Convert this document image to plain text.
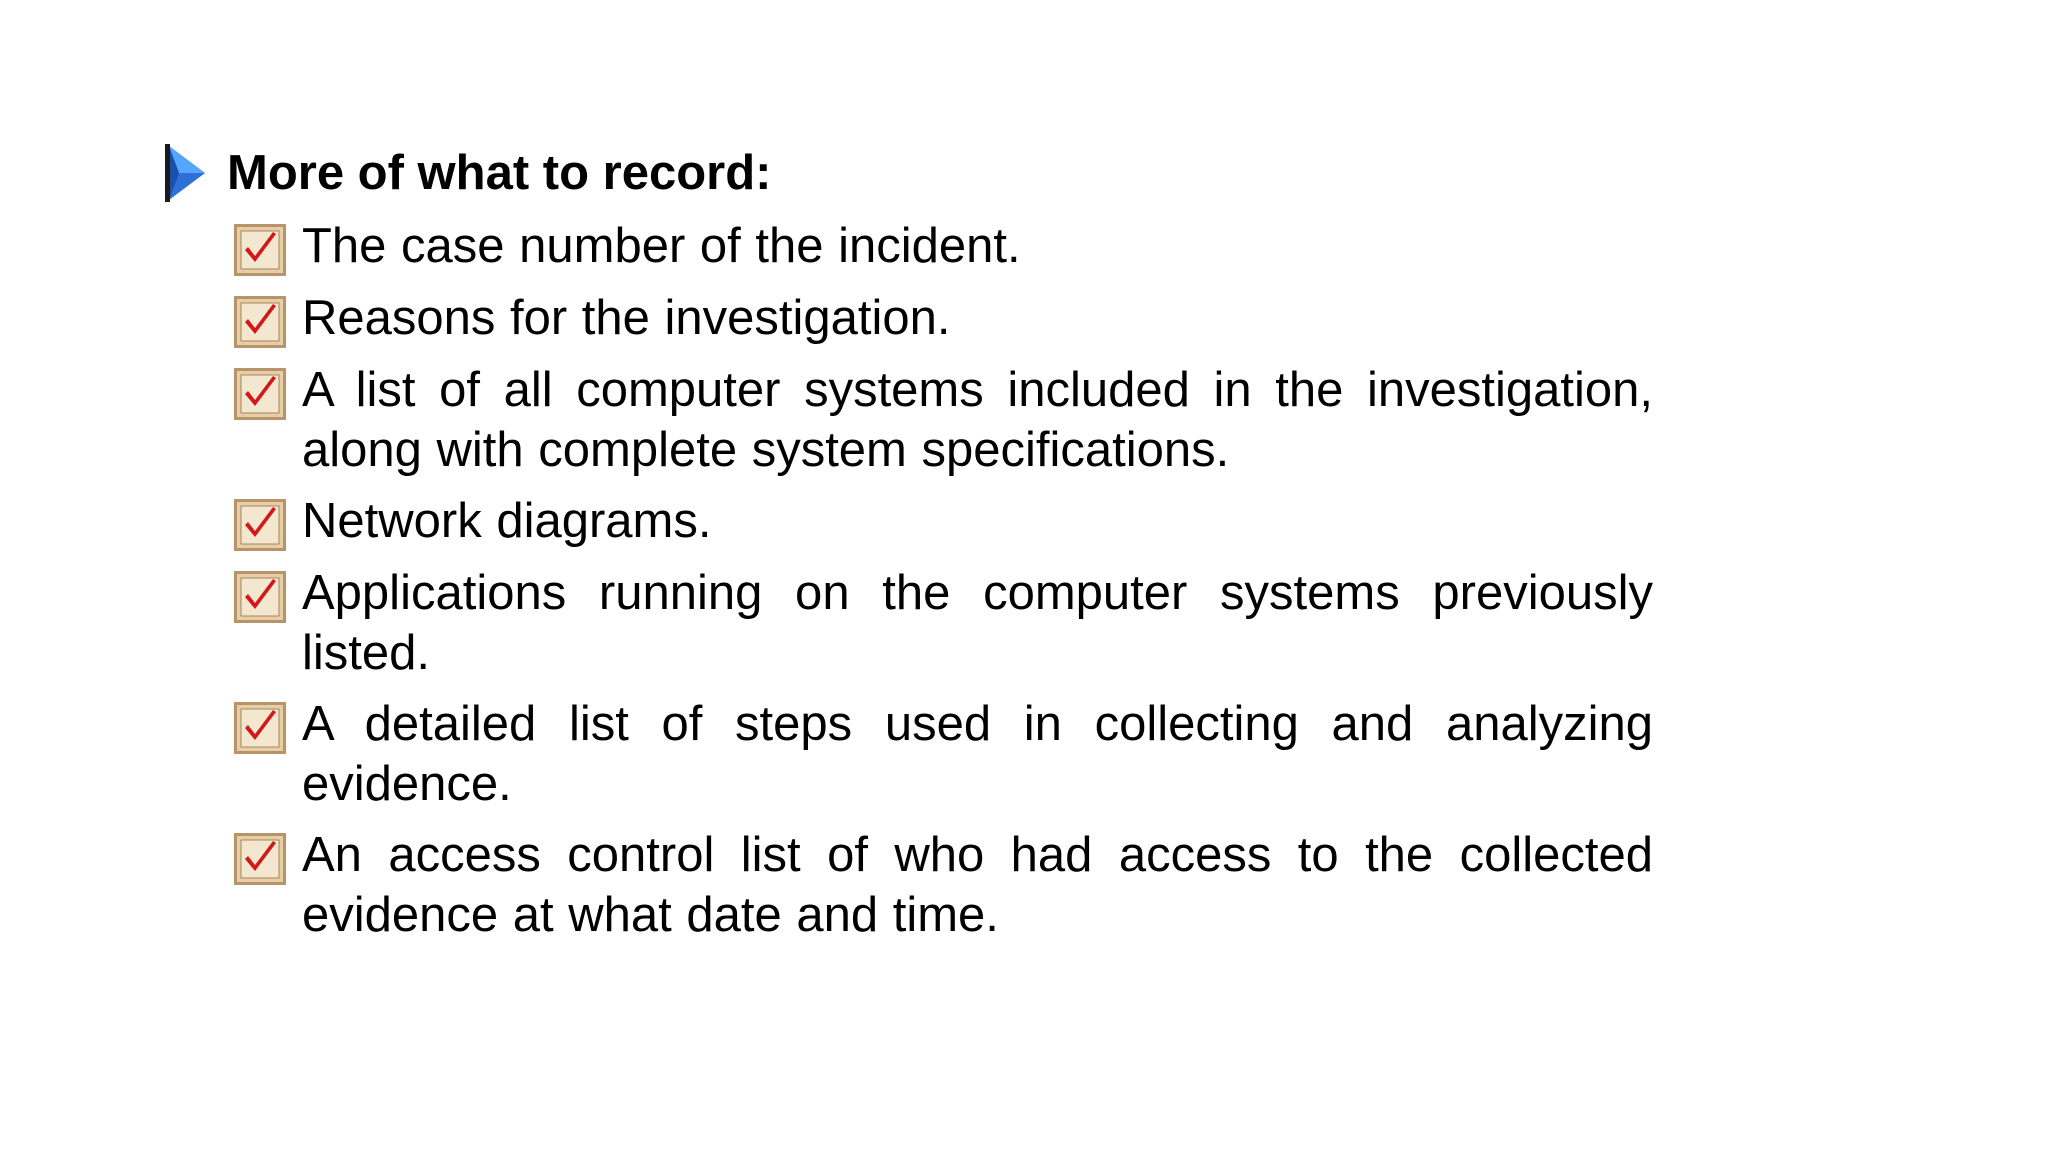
More of what to record:
The case number of the incident.
Reasons for the investigation.
A list of all computer systems included in the investigation, along with complete system specifications.
Network diagrams.
Applications running on the computer systems previously listed.
A detailed list of steps used in collecting and analyzing evidence.
An access control list of who had access to the collected evidence at what date and time.
